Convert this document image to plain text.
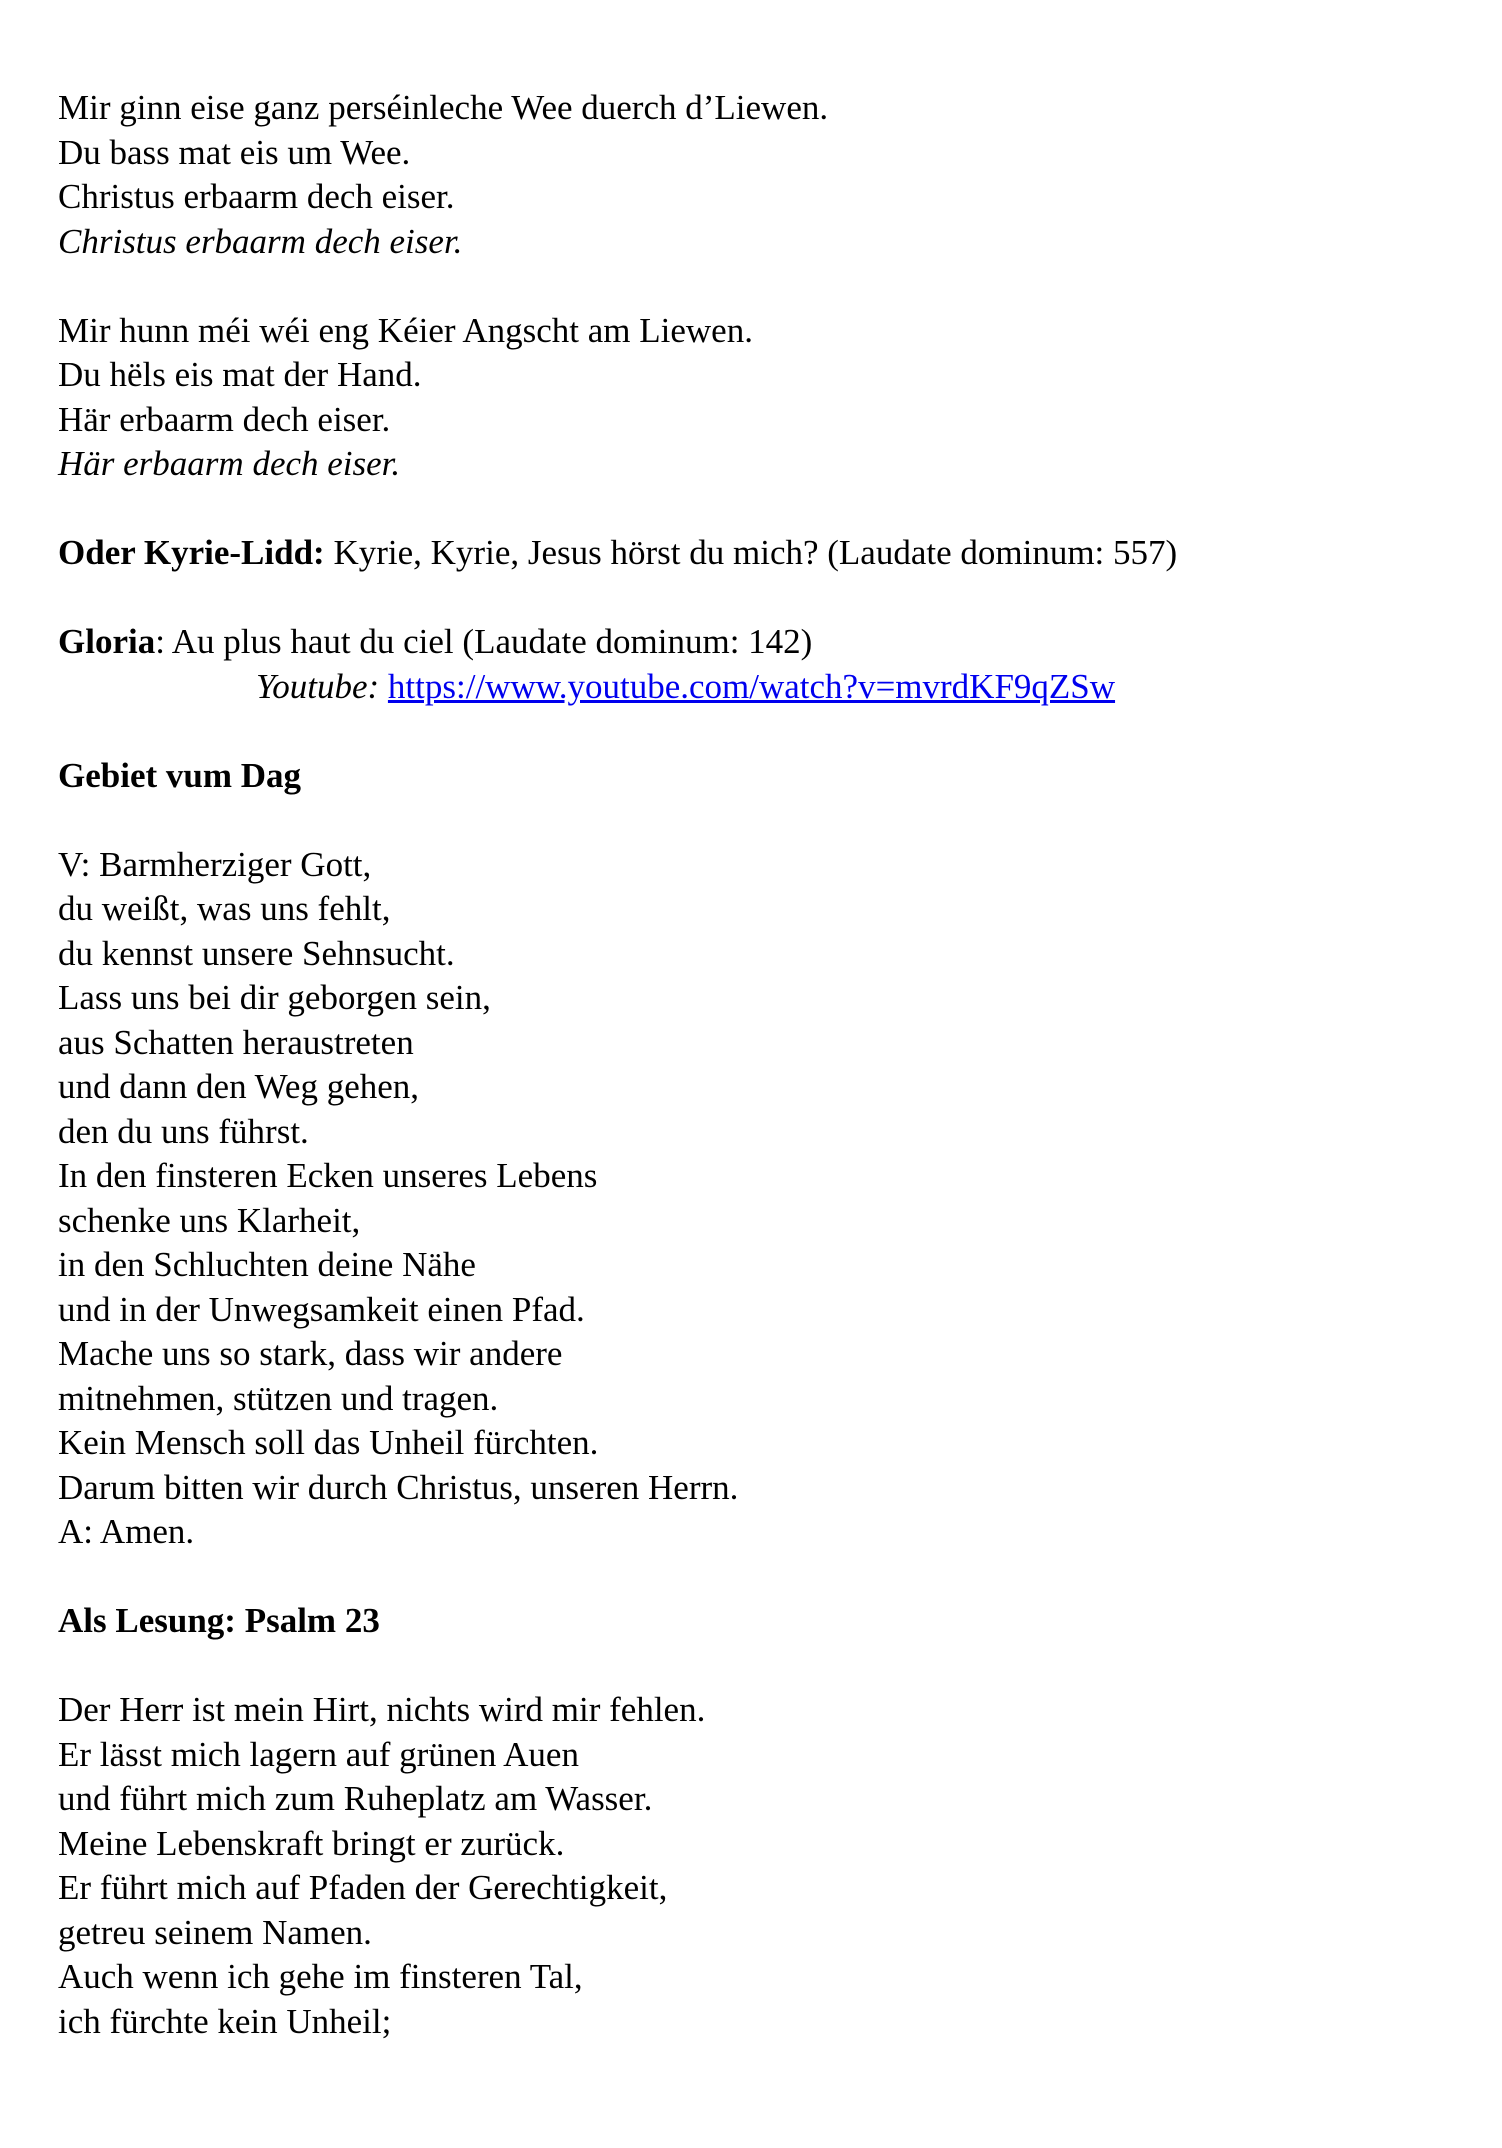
Mir ginn eise ganz perséinleche Wee duerch d’Liewen.
Du bass mat eis um Wee.
Christus erbaarm dech eiser.
Christus erbaarm dech eiser.
Mir hunn méi wéi eng Kéier Angscht am Liewen.
Du hëls eis mat der Hand.
Här erbaarm dech eiser.
Här erbaarm dech eiser.
Oder Kyrie-Lidd: Kyrie, Kyrie, Jesus hörst du mich? (Laudate dominum: 557)
Gloria: Au plus haut du ciel (Laudate dominum: 142)
Youtube: https://www.youtube.com/watch?v=mvrdKF9qZSw
Gebiet vum Dag
V: Barmherziger Gott,
du weißt, was uns fehlt,
du kennst unsere Sehnsucht.
Lass uns bei dir geborgen sein,
aus Schatten heraustreten
und dann den Weg gehen,
den du uns führst.
In den finsteren Ecken unseres Lebens
schenke uns Klarheit,
in den Schluchten deine Nähe
und in der Unwegsamkeit einen Pfad.
Mache uns so stark, dass wir andere
mitnehmen, stützen und tragen.
Kein Mensch soll das Unheil fürchten.
Darum bitten wir durch Christus, unseren Herrn.
A: Amen.
Als Lesung: Psalm 23
Der Herr ist mein Hirt, nichts wird mir fehlen.
Er lässt mich lagern auf grünen Auen
und führt mich zum Ruheplatz am Wasser.
Meine Lebenskraft bringt er zurück.
Er führt mich auf Pfaden der Gerechtigkeit,
getreu seinem Namen.
Auch wenn ich gehe im finsteren Tal,
ich fürchte kein Unheil;
